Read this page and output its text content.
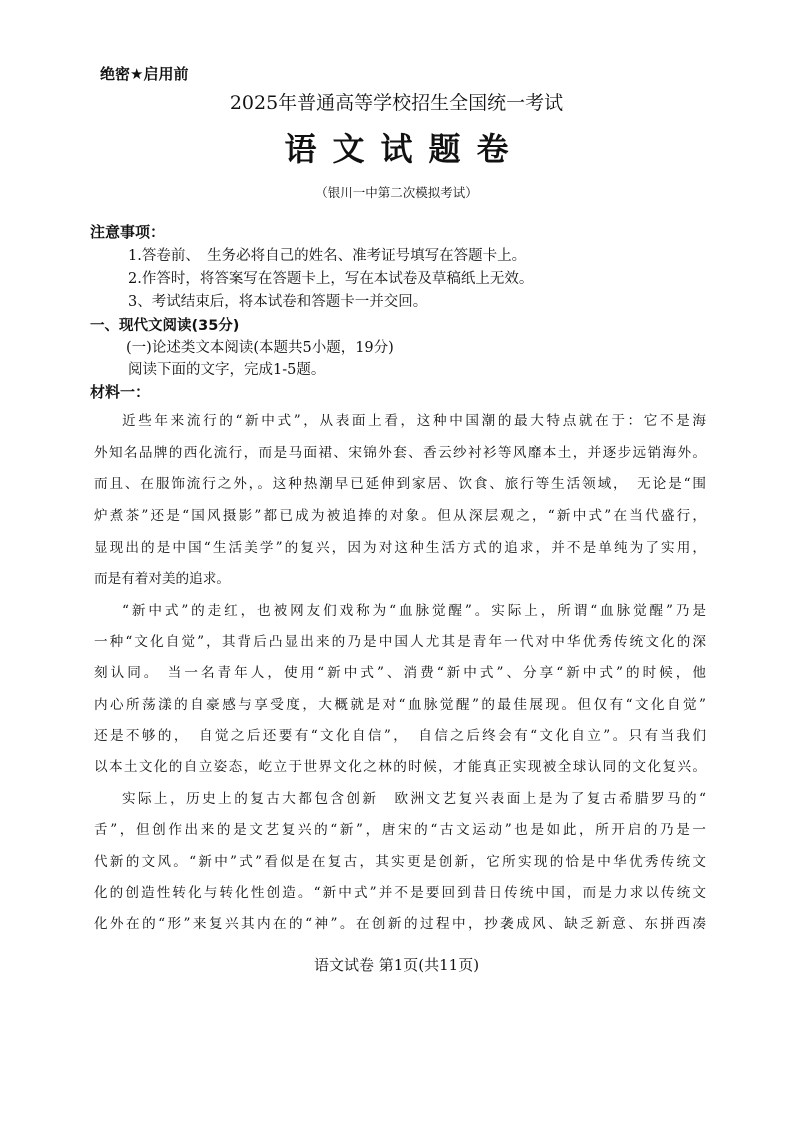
绝密★启用前
2025年普通高等学校招生全国统一考试
语文试题卷
（银川一中第二次模拟考试）
注意事项：
1.答卷前、　生务必将自己的姓名、准考证号填写在答题卡上。
2.作答时，将答案写在答题卡上，写在本试卷及草稿纸上无效。
3、考试结束后，将本试卷和答题卡一并交回。
一、现代文阅读(35分)
(一)论述类文本阅读(本题共5小题，19分)
阅读下面的文字，完成1-5题。
材料一：
近些年来流行的“新中式”，从表面上看，这种中国潮的最大特点就在于：它不是海
外知名品牌的西化流行，而是马面裙、宋锦外套、香云纱衬衫等风靡本土，并逐步远销海外。
而且、在服饰流行之外，。这种热潮早已延伸到家居、饮食、旅行等生活领域，　无论是“围
炉煮茶”还是“国风摄影”都已成为被追捧的对象。但从深层观之，“新中式”在当代盛行，
显现出的是中国“生活美学”的复兴，因为对这种生活方式的追求，并不是单纯为了实用，
而是有着对美的追求。
“新中式”的走红，也被网友们戏称为“血脉觉醒”。实际上，所谓“血脉觉醒”乃是
一种“文化自觉”，其背后凸显出来的乃是中国人尤其是青年一代对中华优秀传统文化的深
刻认同。 当一名青年人，使用“新中式”、消费“新中式”、分享“新中式”的时候，他
内心所荡漾的自豪感与享受度，大概就是对“血脉觉醒”的最佳展现。但仅有“文化自觉”
还是不够的，　自觉之后还要有“文化自信”，　自信之后终会有“文化自立”。只有当我们
以本土文化的自立姿态，屹立于世界文化之林的时候，才能真正实现被全球认同的文化复兴。
实际上，历史上的复古大都包含创新　欧洲文艺复兴表面上是为了复古希腊罗马的“
舌”，但创作出来的是文艺复兴的“新”，唐宋的“古文运动”也是如此，所开启的乃是一
代新的文风。“新中”式”看似是在复古，其实更是创新，它所实现的恰是中华优秀传统文
化的创造性转化与转化性创造。“新中式”并不是要回到昔日传统中国，而是力求以传统文
化外在的“形”来复兴其内在的“神”。在创新的过程中，抄袭成风、缺乏新意、东拼西凑
语文试卷 第1页(共11页)
